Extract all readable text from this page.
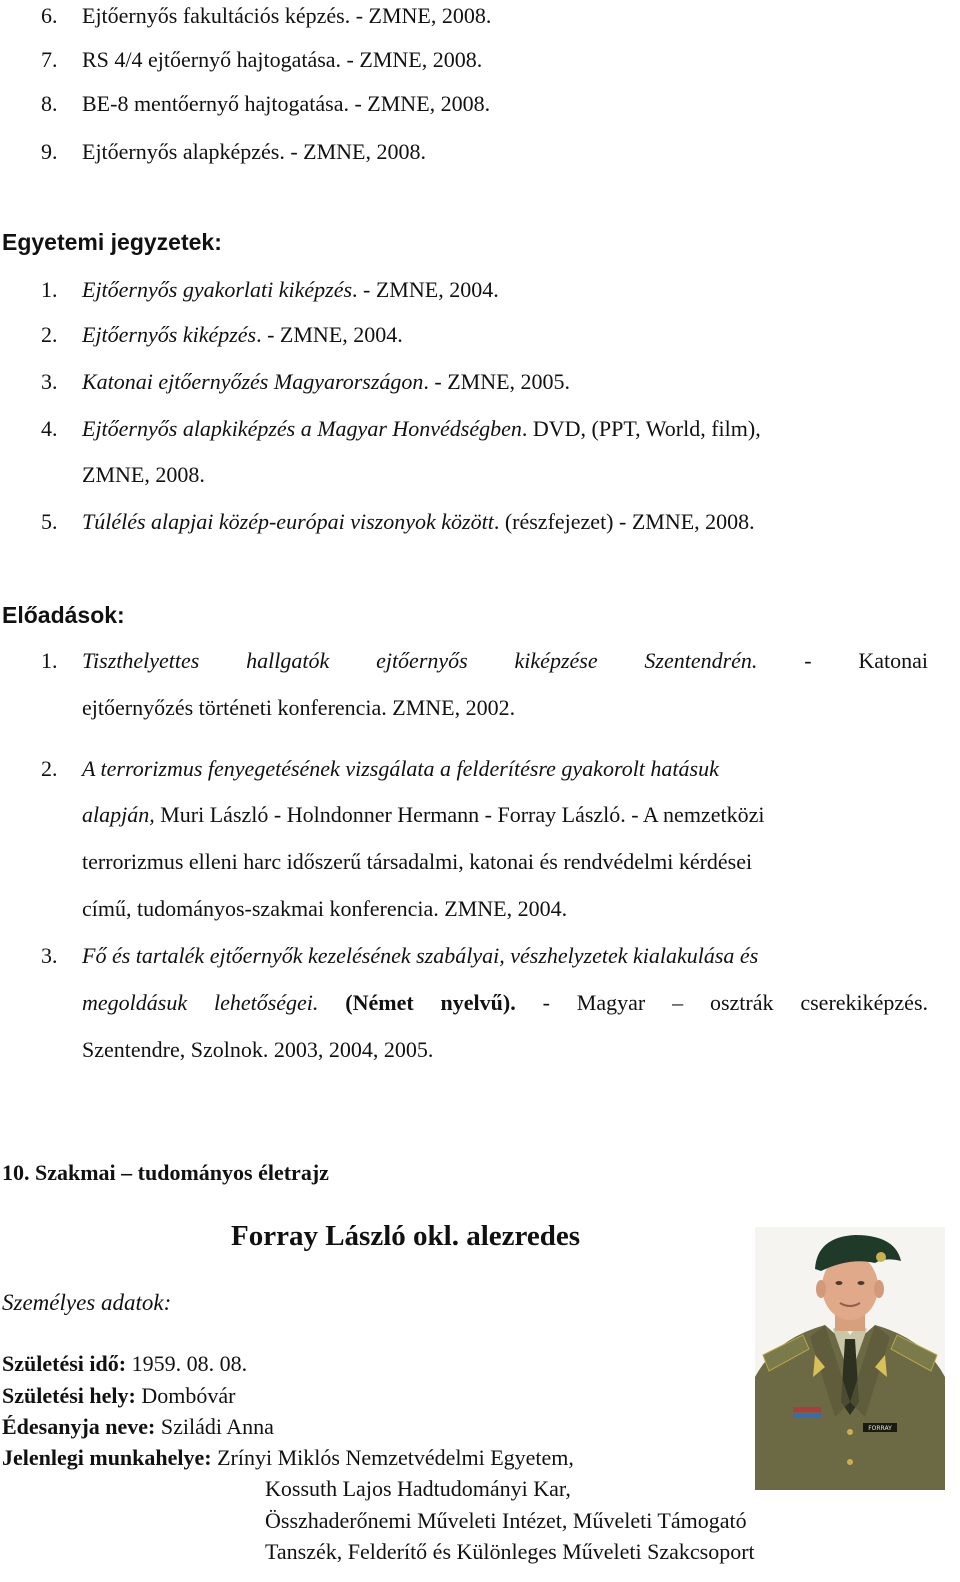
6. Ejtőernyős fakultációs képzés. - ZMNE, 2008.
7. RS 4/4 ejtőernyő hajtogatása. - ZMNE, 2008.
8. BE-8 mentőernyő hajtogatása. - ZMNE, 2008.
9. Ejtőernyős alapképzés. - ZMNE, 2008.
Egyetemi jegyzetek:
1. Ejtőernyős gyakorlati kiképzés. - ZMNE, 2004.
2. Ejtőernyős kiképzés. - ZMNE, 2004.
3. Katonai ejtőernyőzés Magyarországon. - ZMNE, 2005.
4. Ejtőernyős alapkiképzés a Magyar Honvédségben. DVD, (PPT, World, film),
ZMNE, 2008.
5. Túlélés alapjai közép-európai viszonyok között. (részfejezet) - ZMNE, 2008.
Előadások:
1. Tiszthelyettes hallgatók ejtőernyős kiképzése Szentendrén. - Katonai
ejtőernyőzés történeti konferencia. ZMNE, 2002.
2. A terrorizmus fenyegetésének vizsgálata a felderítésre gyakorolt hatásuk
alapján, Muri László - Holndonner Hermann - Forray László. - A nemzetközi
terrorizmus elleni harc időszerű társadalmi, katonai és rendvédelmi kérdései
című, tudományos-szakmai konferencia. ZMNE, 2004.
3. Fő és tartalék ejtőernyők kezelésének szabályai, vészhelyzetek kialakulása és
megoldásuk lehetőségei. (Német nyelvű). - Magyar – osztrák cserekiképzés.
Szentendre, Szolnok. 2003, 2004, 2005.
10. Szakmai – tudományos életrajz
Forray László okl. alezredes
Személyes adatok:
Születési idő: 1959. 08. 08.
Születési hely: Dombóvár
Édesanyja neve: Sziládi Anna
Jelenlegi munkahelye: Zrínyi Miklós Nemzetvédelmi Egyetem,
Kossuth Lajos Hadtudományi Kar,
Összhaderőnemi Műveleti Intézet, Műveleti Támogató
Tanszék, Felderítő és Különleges Műveleti Szakcsoport
FORRAY
